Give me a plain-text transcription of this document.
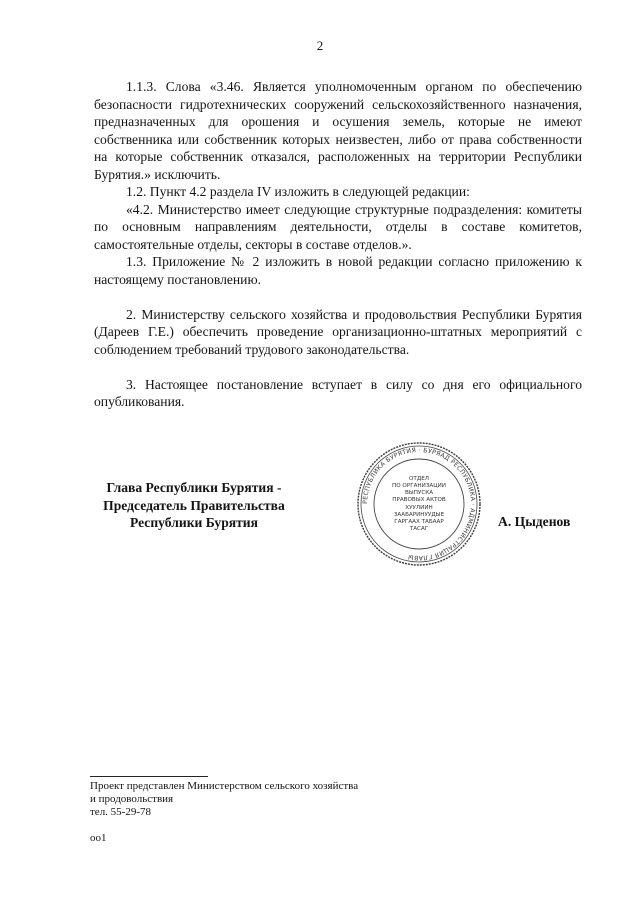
2

1.1.3. Слова «3.46. Является уполномоченным органом по обеспечению безопасности гидротехнических сооружений сельскохозяйственного назначения, предназначенных для орошения и осушения земель, которые не имеют собственника или собственник которых неизвестен, либо от права собственности на которые собственник отказался, расположенных на территории Республики Бурятия.» исключить.

1.2. Пункт 4.2 раздела IV изложить в следующей редакции:

«4.2. Министерство имеет следующие структурные подразделения: комитеты по основным направлениям деятельности, отделы в составе комитетов, самостоятельные отделы, секторы в составе отделов.».

1.3. Приложение № 2 изложить в новой редакции согласно приложению к настоящему постановлению.

2. Министерству сельского хозяйства и продовольствия Республики Бурятия (Дареев Г.Е.) обеспечить проведение организационно-штатных мероприятий с соблюдением требований трудового законодательства.

3. Настоящее постановление вступает в силу со дня его официального опубликования.

Глава Республики Бурятия -
Председатель Правительства
Республики Бурятия
РЕСПУБЛИКА БУРЯТИЯ · БУРЯАД РЕСПУБЛИКА · АДМИНИСТРАЦИЯ ГЛАВЫ
ОТДЕЛ
ПО ОРГАНИЗАЦИИ
ВЫПУСКА
ПРАВОВЫХ АКТОВ
ХУУЛИИН
ЗААБАРИНУУДЫЕ
ГАРГААХ ТАБААР
ТАСАГ	А. Цыденов
Проект представлен Министерством сельского хозяйства
и продовольствия
тел. 55-29-78
оо1
